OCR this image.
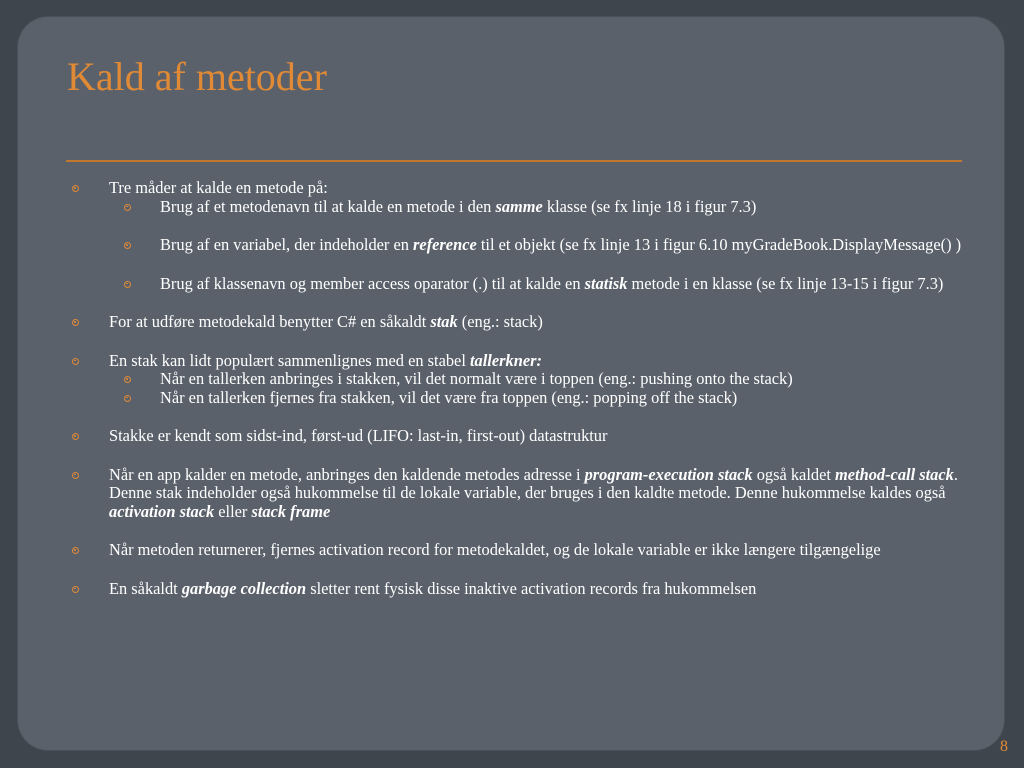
Kald af metoder
Tre måder at kalde en metode på:
Brug af et metodenavn til at kalde en metode i den samme klasse (se fx linje 18 i figur 7.3)
Brug af en variabel, der indeholder en reference til et objekt (se fx linje 13 i figur 6.10 myGradeBook.DisplayMessage() )
Brug af klassenavn og member access oparator (.) til at kalde en statisk metode i en klasse (se fx linje 13-15 i figur 7.3)
For at udføre metodekald benytter C# en såkaldt stak (eng.: stack)
En stak kan lidt populært sammenlignes med en stabel tallerkner:
Når en tallerken anbringes i stakken, vil det normalt være i toppen (eng.: pushing onto the stack)
Når en tallerken fjernes fra stakken, vil det være fra toppen (eng.: popping off the stack)
Stakke er kendt som sidst-ind, først-ud (LIFO: last-in, first-out) datastruktur
Når en app kalder en metode, anbringes den kaldende metodes adresse i program-execution stack også kaldet method-call stack. Denne stak indeholder også hukommelse til de lokale variable, der bruges i den kaldte metode. Denne hukommelse kaldes også activation stack eller stack frame
Når metoden returnerer, fjernes activation record for metodekaldet, og de lokale variable er ikke længere tilgængelige
En såkaldt garbage collection sletter rent fysisk disse inaktive activation records fra hukommelsen
8
